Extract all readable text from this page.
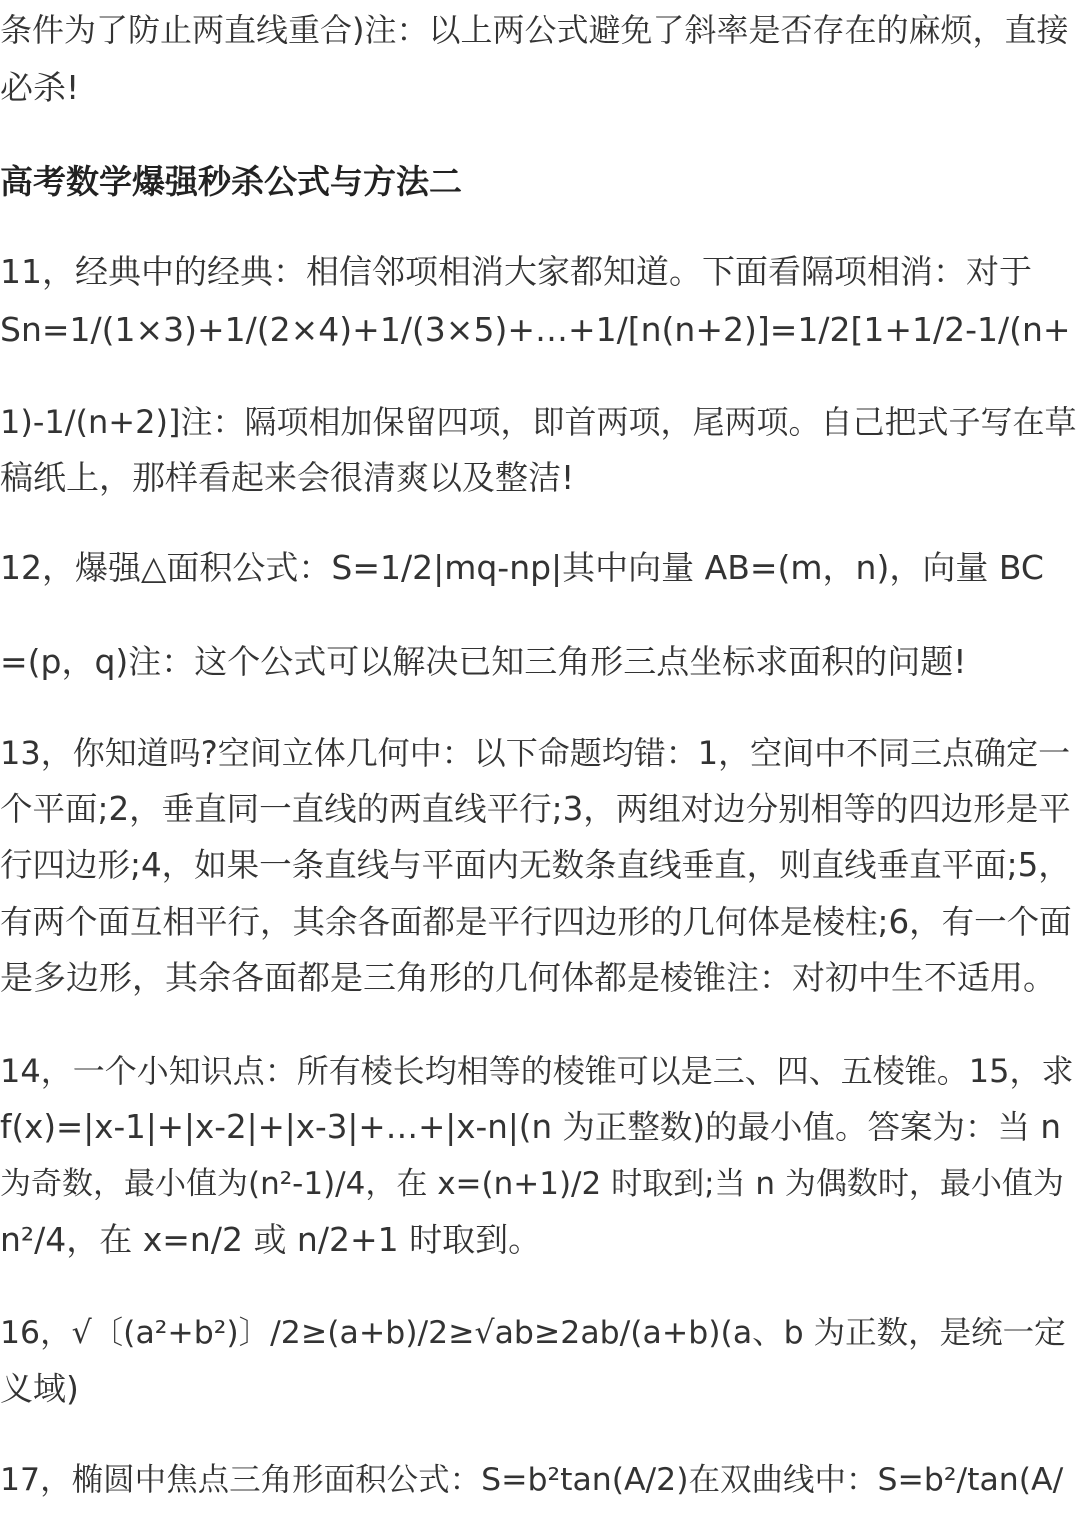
条件为了防止两直线重合)注：以上两公式避免了斜率是否存在的麻烦，直接
必杀!
高考数学爆强秒杀公式与方法二
11，经典中的经典：相信邻项相消大家都知道。下面看隔项相消：对于
Sn=1/(1×3)+1/(2×4)+1/(3×5)+…+1/[n(n+2)]=1/2[1+1/2-1/(n+
1)-1/(n+2)]注：隔项相加保留四项，即首两项，尾两项。自己把式子写在草
稿纸上，那样看起来会很清爽以及整洁!
12，爆强△面积公式：S=1/2|mq-np|其中向量 AB=(m，n)，向量 BC
=(p，q)注：这个公式可以解决已知三角形三点坐标求面积的问题!
13，你知道吗?空间立体几何中：以下命题均错：1，空间中不同三点确定一
个平面;2，垂直同一直线的两直线平行;3，两组对边分别相等的四边形是平
行四边形;4，如果一条直线与平面内无数条直线垂直，则直线垂直平面;5，
有两个面互相平行，其余各面都是平行四边形的几何体是棱柱;6，有一个面
是多边形，其余各面都是三角形的几何体都是棱锥注：对初中生不适用。
14，一个小知识点：所有棱长均相等的棱锥可以是三、四、五棱锥。15，求
f(x)=|x-1|+|x-2|+|x-3|+…+|x-n|(n 为正整数)的最小值。答案为：当 n
为奇数，最小值为(n²-1)/4，在 x=(n+1)/2 时取到;当 n 为偶数时，最小值为
n²/4，在 x=n/2 或 n/2+1 时取到。
16，√〔(a²+b²)〕/2≥(a+b)/2≥√ab≥2ab/(a+b)(a、b 为正数，是统一定
义域)
17，椭圆中焦点三角形面积公式：S=b²tan(A/2)在双曲线中：S=b²/tan(A/
